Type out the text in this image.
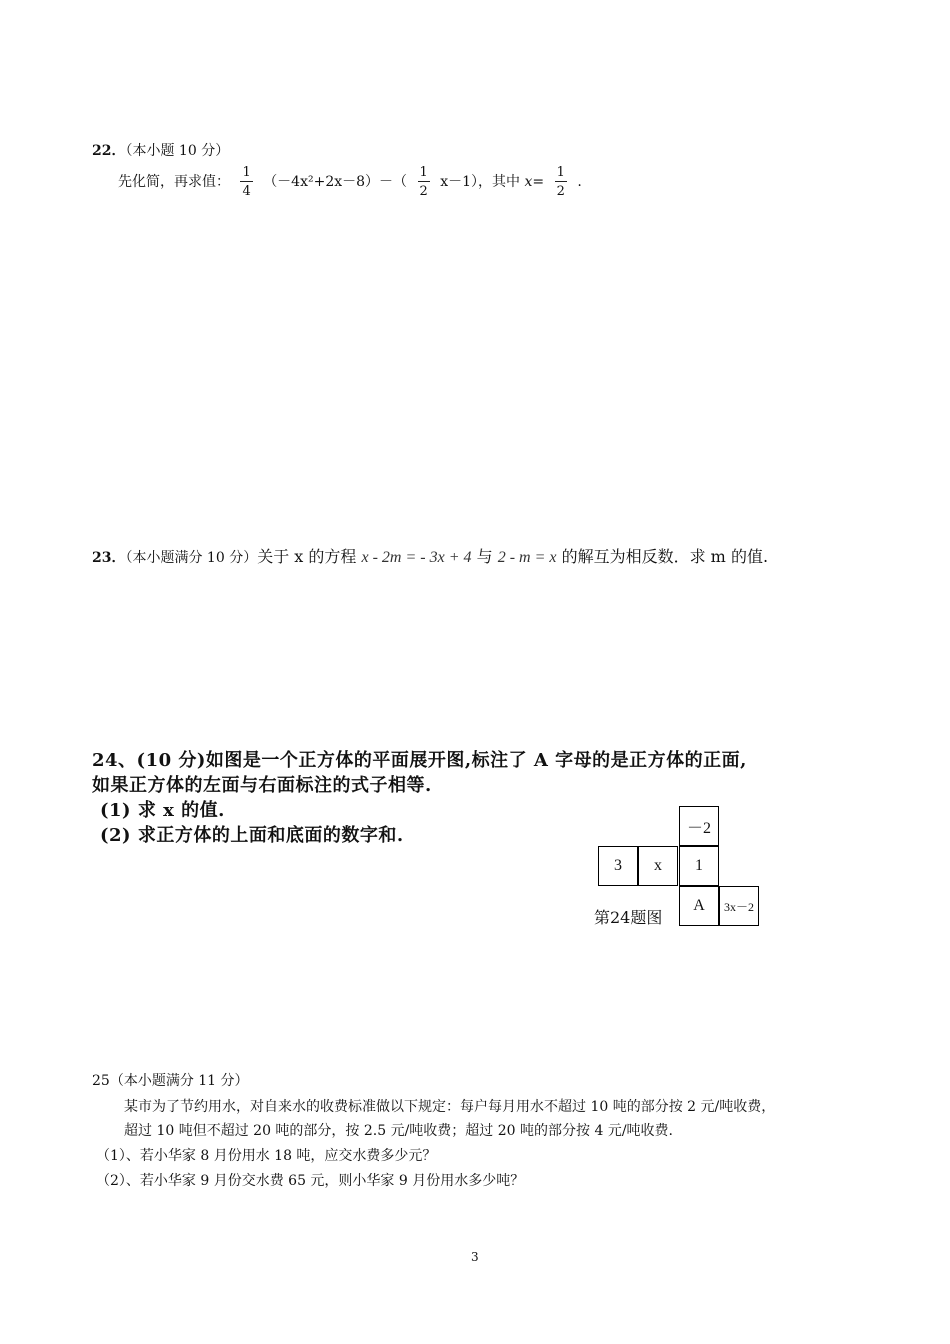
22．（本小题 10 分）
先化简，再求值： $\frac{1}{4} (-4x^2+2x-8)-( \frac{1}{2} x-1)$，其中 $x= \frac{1}{2}$ .
23．（本小题满分 10 分）关于 x 的方程 x - 2m = - 3x + 4 与 2 - m = x 的解互为相反数．求 m 的值.
24、(10 分)如图是一个正方体的平面展开图,标注了 A 字母的是正方体的正面,
如果正方体的左面与右面标注的式子相等.
(1) 求 x 的值.
(2) 求正方体的上面和底面的数字和.	－2
3	x	1
A	3x－2
第24题图
25（本小题满分 11 分）
某市为了节约用水，对自来水的收费标准做以下规定：每户每月用水不超过 10 吨的部分按 2 元/吨收费，
超过 10 吨但不超过 20 吨的部分，按 2.5 元/吨收费；超过 20 吨的部分按 4 元/吨收费.
（1）、若小华家 8 月份用水 18 吨，应交水费多少元？
（2）、若小华家 9 月份交水费 65 元，则小华家 9 月份用水多少吨？
3
